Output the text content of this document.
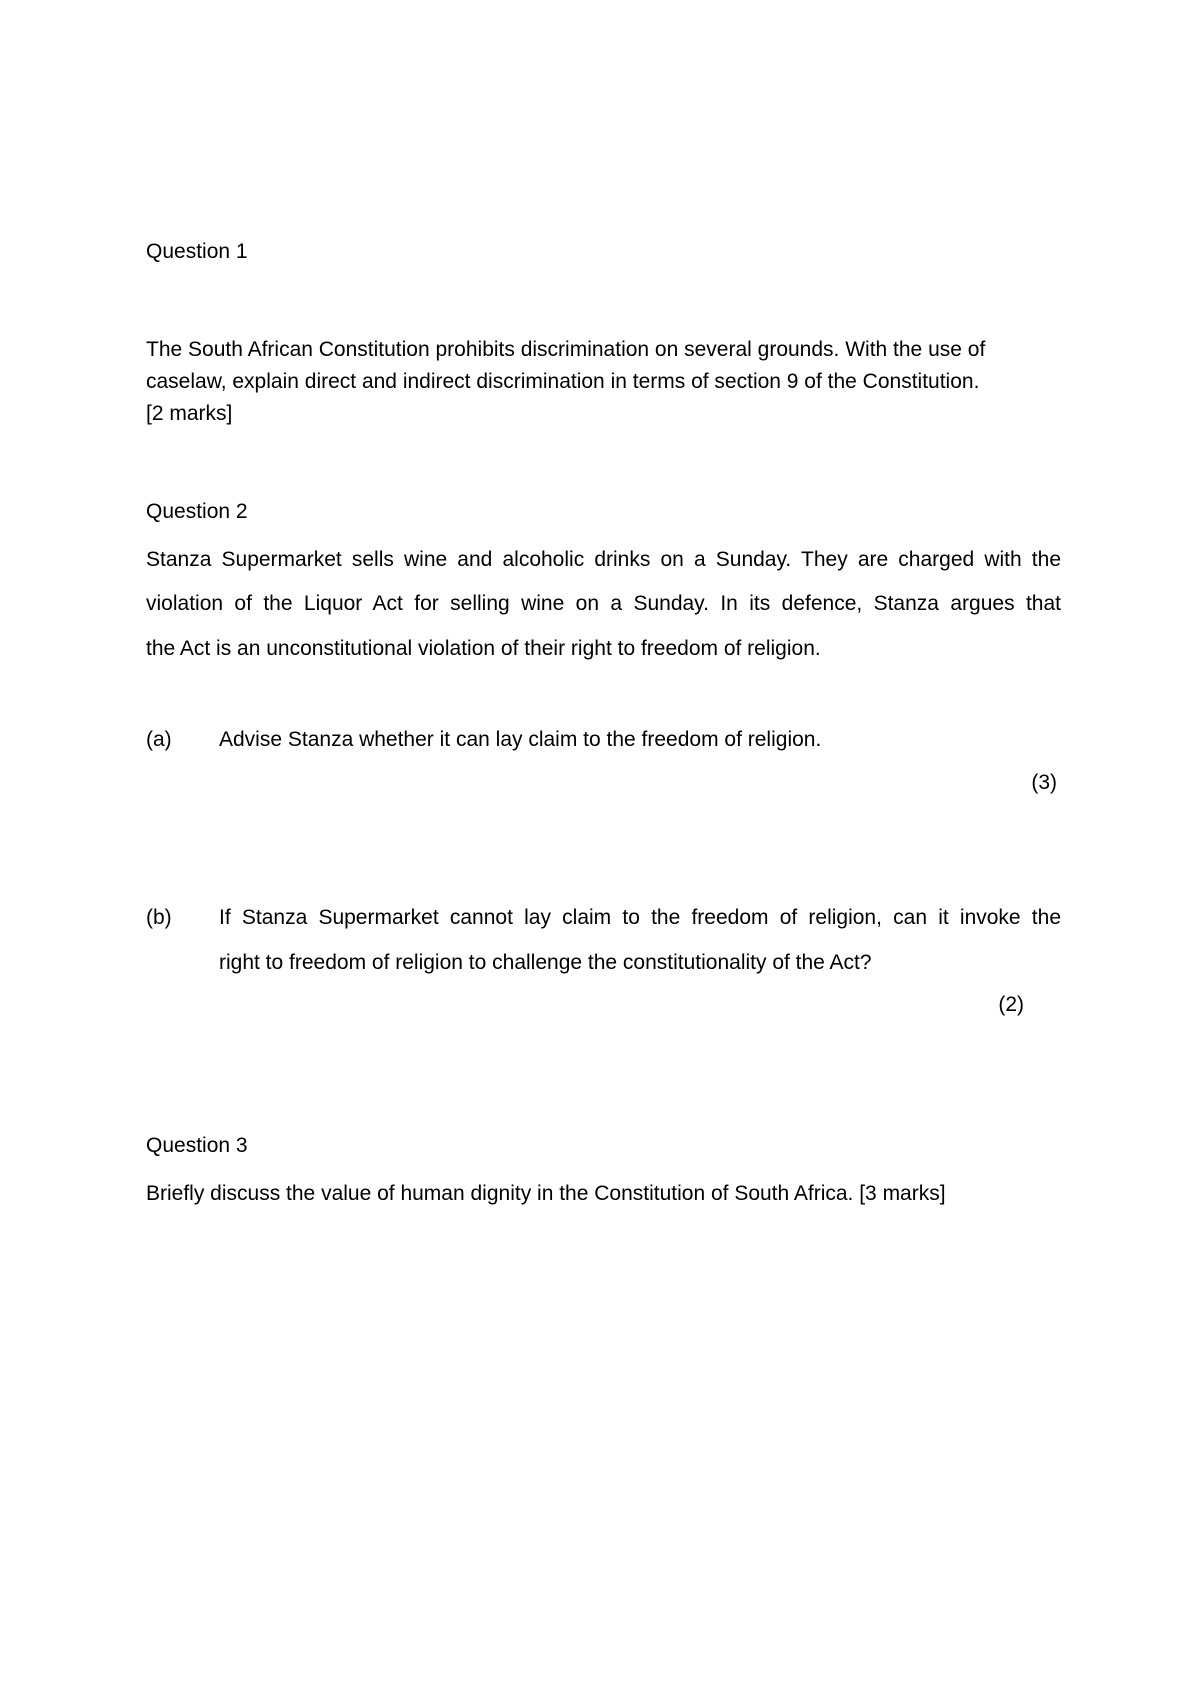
Question 1
The South African Constitution prohibits discrimination on several grounds. With the use of
caselaw, explain direct and indirect discrimination in terms of section 9 of the Constitution.
[2 marks]
Question 2
Stanza Supermarket sells wine and alcoholic drinks on a Sunday. They are charged with the
violation of the Liquor Act for selling wine on a Sunday. In its defence, Stanza argues that
the Act is an unconstitutional violation of their right to freedom of religion.
(a) Advise Stanza whether it can lay claim to the freedom of religion.
(3)
(b) If Stanza Supermarket cannot lay claim to the freedom of religion, can it invoke the
right to freedom of religion to challenge the constitutionality of the Act?
(2)
Question 3
Briefly discuss the value of human dignity in the Constitution of South Africa. [3 marks]
